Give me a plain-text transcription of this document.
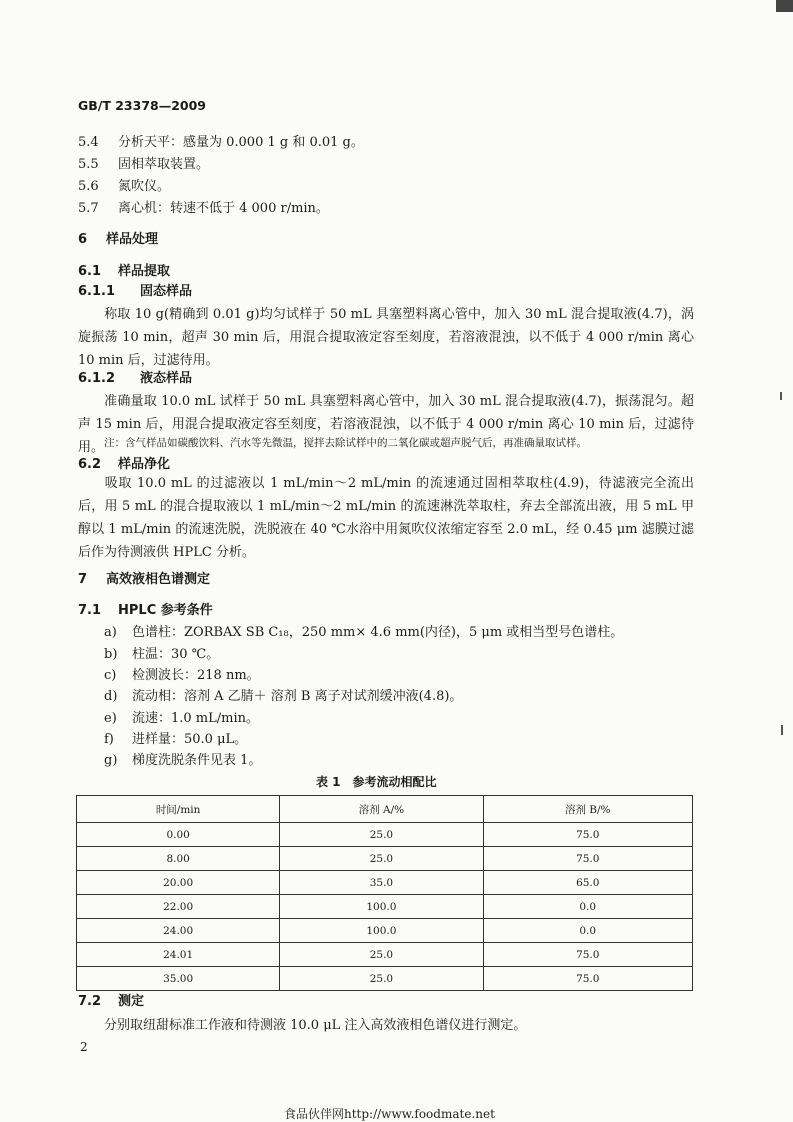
GB/T 23378—2009
5.4 分析天平：感量为 0.000 1 g 和 0.01 g。
5.5 固相萃取装置。
5.6 氮吹仪。
5.7 离心机：转速不低于 4 000 r/min。
6 样品处理
6.1 样品提取
6.1.1 固态样品
称取 10 g(精确到 0.01 g)均匀试样于 50 mL 具塞塑料离心管中，加入 30 mL 混合提取液(4.7)，涡旋振荡 10 min，超声 30 min 后，用混合提取液定容至刻度，若溶液混浊，以不低于 4 000 r/min 离心 10 min 后，过滤待用。
6.1.2 液态样品
准确量取 10.0 mL 试样于 50 mL 具塞塑料离心管中，加入 30 mL 混合提取液(4.7)，振荡混匀。超声 15 min 后，用混合提取液定容至刻度，若溶液混浊，以不低于 4 000 r/min 离心 10 min 后，过滤待用。 注：含气样品如碳酸饮料、汽水等先微温，搅拌去除试样中的二氧化碳或超声脱气后，再准确量取试样。
6.2 样品净化
吸取 10.0 mL 的过滤液以 1 mL/min～2 mL/min 的流速通过固相萃取柱(4.9)，待滤液完全流出后，用 5 mL 的混合提取液以 1 mL/min～2 mL/min 的流速淋洗萃取柱，弃去全部流出液，用 5 mL 甲醇以 1 mL/min 的流速洗脱，洗脱液在 40 ℃水浴中用氮吹仪浓缩定容至 2.0 mL，经 0.45 μm 滤膜过滤后作为待测液供 HPLC 分析。
7 高效液相色谱测定
7.1 HPLC 参考条件
a) 色谱柱：ZORBAX SB C₁₈，250 mm× 4.6 mm(内径)，5 μm 或相当型号色谱柱。
b) 柱温：30 ℃。
c) 检测波长：218 nm。
d) 流动相：溶剂 A 乙腈＋ 溶剂 B 离子对试剂缓冲液(4.8)。
e) 流速：1.0 mL/min。
f) 进样量：50.0 μL。
g) 梯度洗脱条件见表 1。
表 1　参考流动相配比
时间/min	溶剂 A/%	溶剂 B/%
0.00	25.0	75.0
8.00	25.0	75.0
20.00	35.0	65.0
22.00	100.0	0.0
24.00	100.0	0.0
24.01	25.0	75.0
35.00	25.0	75.0
7.2 测定
分别取纽甜标准工作液和待测液 10.0 μL 注入高效液相色谱仪进行测定。
2
食品伙伴网http://www.foodmate.net
